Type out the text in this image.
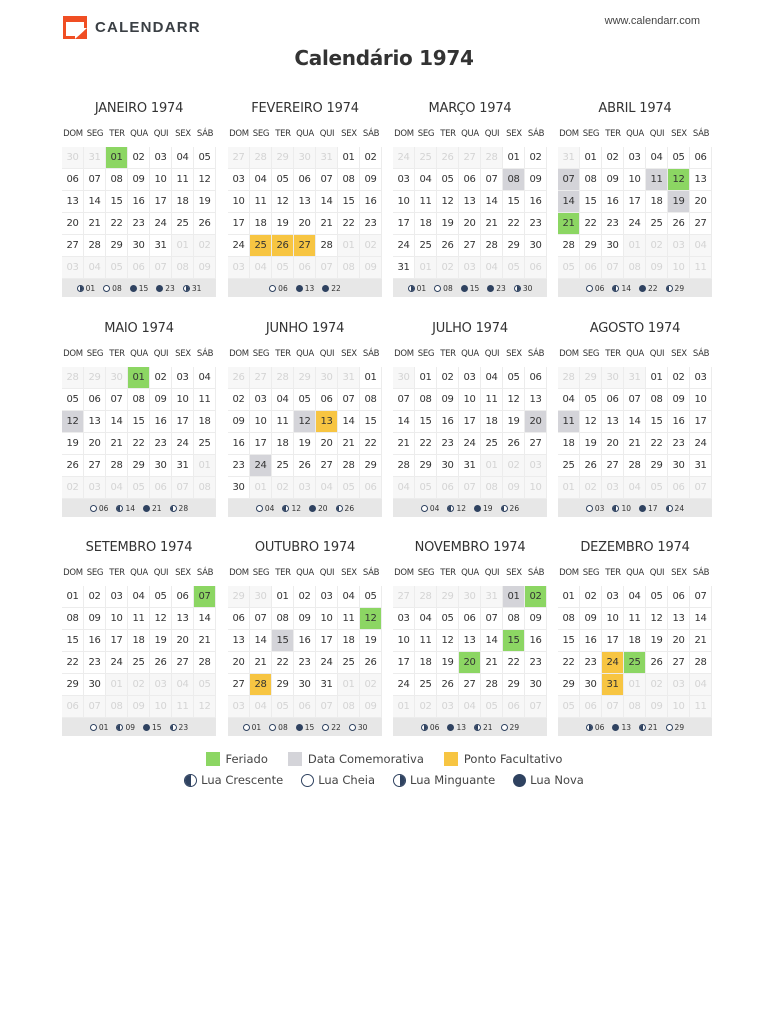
CALENDARR	www.calendarr.com
Calendário 1974
JANEIRO 1974
DOM SEG TER QUA QUI SEX SÁB
30 31 01 02 03 04 05
06 07 08 09 10 11 12
13 14 15 16 17 18 19
20 21 22 23 24 25 26
27 28 29 30 31 01 02
03 04 05 06 07 08 09
01 08 15 23 31
FEVEREIRO 1974
DOM SEG TER QUA QUI SEX SÁB
27 28 29 30 31 01 02
03 04 05 06 07 08 09
10 11 12 13 14 15 16
17 18 19 20 21 22 23
24 25 26 27 28 01 02
03 04 05 06 07 08 09
06 13 22
MARÇO 1974
DOM SEG TER QUA QUI SEX SÁB
24 25 26 27 28 01 02
03 04 05 06 07 08 09
10 11 12 13 14 15 16
17 18 19 20 21 22 23
24 25 26 27 28 29 30
31 01 02 03 04 05 06
01 08 15 23 30
ABRIL 1974
DOM SEG TER QUA QUI SEX SÁB
31 01 02 03 04 05 06
07 08 09 10 11 12 13
14 15 16 17 18 19 20
21 22 23 24 25 26 27
28 29 30 01 02 03 04
05 06 07 08 09 10 11
06 14 22 29
MAIO 1974
DOM SEG TER QUA QUI SEX SÁB
28 29 30 01 02 03 04
05 06 07 08 09 10 11
12 13 14 15 16 17 18
19 20 21 22 23 24 25
26 27 28 29 30 31 01
02 03 04 05 06 07 08
06 14 21 28
JUNHO 1974
DOM SEG TER QUA QUI SEX SÁB
26 27 28 29 30 31 01
02 03 04 05 06 07 08
09 10 11 12 13 14 15
16 17 18 19 20 21 22
23 24 25 26 27 28 29
30 01 02 03 04 05 06
04 12 20 26
JULHO 1974
DOM SEG TER QUA QUI SEX SÁB
30 01 02 03 04 05 06
07 08 09 10 11 12 13
14 15 16 17 18 19 20
21 22 23 24 25 26 27
28 29 30 31 01 02 03
04 05 06 07 08 09 10
04 12 19 26
AGOSTO 1974
DOM SEG TER QUA QUI SEX SÁB
28 29 30 31 01 02 03
04 05 06 07 08 09 10
11 12 13 14 15 16 17
18 19 20 21 22 23 24
25 26 27 28 29 30 31
01 02 03 04 05 06 07
03 10 17 24
SETEMBRO 1974
DOM SEG TER QUA QUI SEX SÁB
01 02 03 04 05 06 07
08 09 10 11 12 13 14
15 16 17 18 19 20 21
22 23 24 25 26 27 28
29 30 01 02 03 04 05
06 07 08 09 10 11 12
01 09 15 23
OUTUBRO 1974
DOM SEG TER QUA QUI SEX SÁB
29 30 01 02 03 04 05
06 07 08 09 10 11 12
13 14 15 16 17 18 19
20 21 22 23 24 25 26
27 28 29 30 31 01 02
03 04 05 06 07 08 09
01 08 15 22 30
NOVEMBRO 1974
DOM SEG TER QUA QUI SEX SÁB
27 28 29 30 31 01 02
03 04 05 06 07 08 09
10 11 12 13 14 15 16
17 18 19 20 21 22 23
24 25 26 27 28 29 30
01 02 03 04 05 06 07
06 13 21 29
DEZEMBRO 1974
DOM SEG TER QUA QUI SEX SÁB
01 02 03 04 05 06 07
08 09 10 11 12 13 14
15 16 17 18 19 20 21
22 23 24 25 26 27 28
29 30 31 01 02 03 04
05 06 07 08 09 10 11
06 13 21 29
Feriado	Data Comemorativa	Ponto Facultativo
Lua Crescente	Lua Cheia	Lua Minguante	Lua Nova
